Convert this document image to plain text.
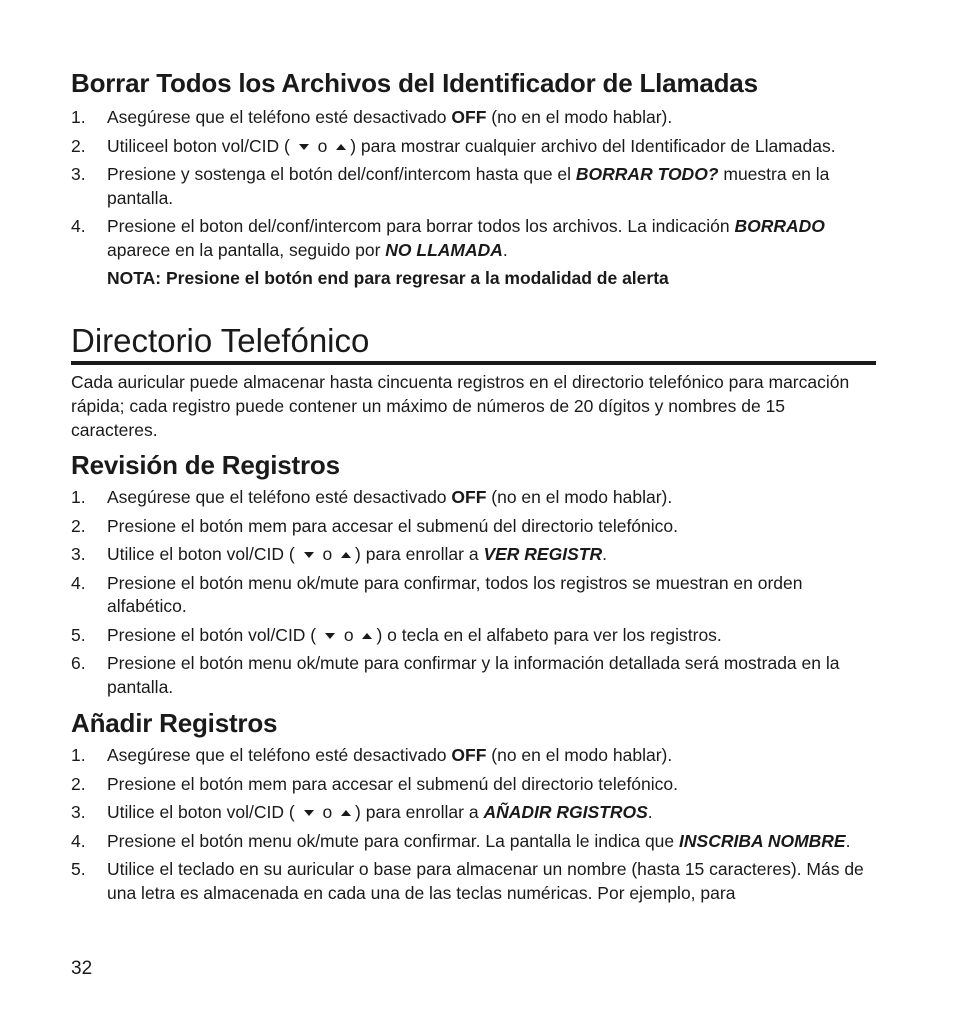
Borrar Todos los Archivos del Identificador de Llamadas
1. Asegúrese que el teléfono esté desactivado OFF (no en el modo hablar).
2. Utiliceel boton vol/CID (  o ) para mostrar cualquier archivo del Identificador de Llamadas.
3. Presione y sostenga el botón del/conf/intercom hasta que el BORRAR TODO? muestra en la pantalla.
4. Presione el boton del/conf/intercom para borrar todos los archivos. La indicación BORRADO aparece en la pantalla, seguido por NO LLAMADA.
NOTA: Presione el botón end para regresar a la modalidad de alerta
Directorio Telefónico

Cada auricular puede almacenar hasta cincuenta registros en el directorio telefónico para marcación rápida; cada registro puede contener un máximo de números de 20 dígitos y nombres de 15 caracteres.

Revisión de Registros
1. Asegúrese que el teléfono esté desactivado OFF (no en el modo hablar).
2. Presione el botón mem para accesar el submenú del directorio telefónico.
3. Utilice el boton vol/CID (  o ) para enrollar a VER REGISTR.
4. Presione el botón menu ok/mute para confirmar, todos los registros se muestran en orden alfabético.
5. Presione el botón vol/CID (  o ) o tecla en el alfabeto para ver los registros.
6. Presione el botón menu ok/mute para confirmar y la información detallada será mostrada en la pantalla.
Añadir Registros
1. Asegúrese que el teléfono esté desactivado OFF (no en el modo hablar).
2. Presione el botón mem para accesar el submenú del directorio telefónico.
3. Utilice el boton vol/CID (  o ) para enrollar a AÑADIR RGISTROS.
4. Presione el botón menu ok/mute para confirmar. La pantalla le indica que INSCRIBA NOMBRE.
5. Utilice el teclado en su auricular o base para almacenar un nombre (hasta 15 caracteres). Más de una letra es almacenada en cada una de las teclas numéricas. Por ejemplo, para
32
